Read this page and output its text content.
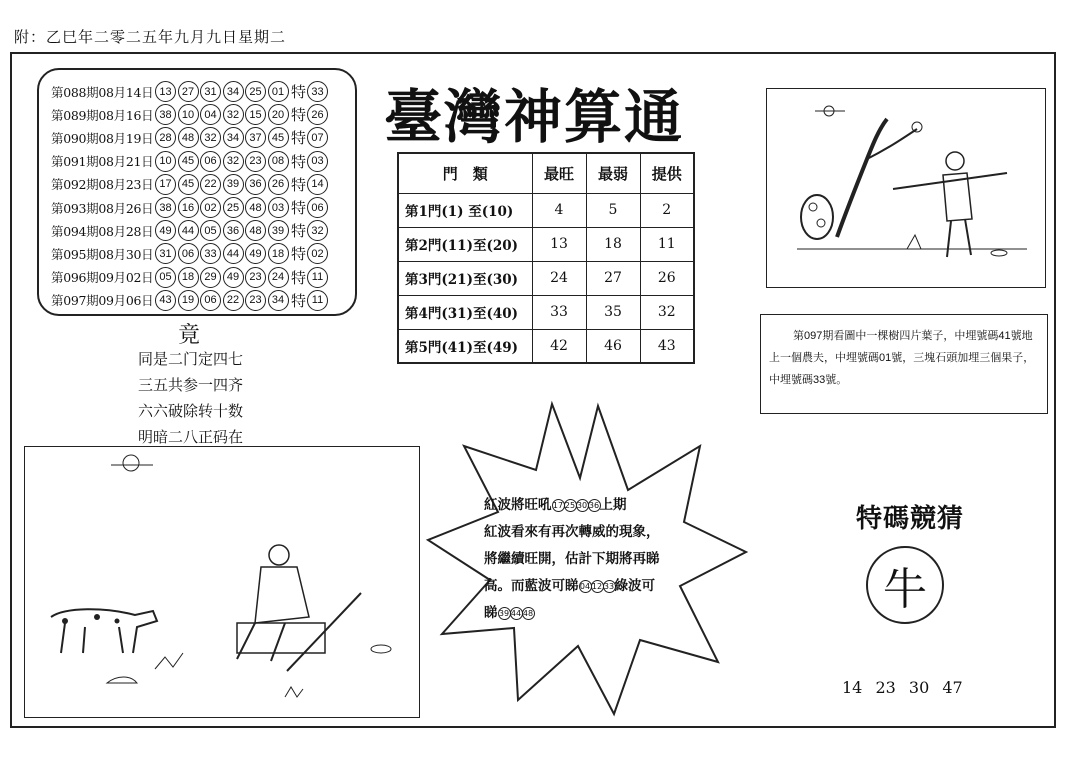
附：乙巳年二零二五年九月九日星期二
第088期08月14日 13 27 31 34 25 01 特 33
第089期08月16日 38 10 04 32 15 20 特 26
第090期08月19日 28 48 32 34 37 45 特 07
第091期08月21日 10 45 06 32 23 08 特 03
第092期08月23日 17 45 22 39 36 26 特 14
第093期08月26日 38 16 02 25 48 03 特 06
第094期08月28日 49 44 05 36 48 39 特 32
第095期08月30日 31 06 33 44 49 18 特 02
第096期09月02日 05 18 29 49 23 24 特 11
第097期09月06日 43 19 06 22 23 34 特 11
竟
同是二门定四七
三五共参一四齐
六六破除转十数
明暗二八正码在
臺灣神算通
門　類	最旺	最弱	提供
第1門(1) 至(10)	4	5	2
第2門(11)至(20)	13	18	11
第3門(21)至(30)	24	27	26
第4門(31)至(40)	33	35	32
第5門(41)至(49)	42	46	43
第097期看圖中一棵樹四片葉子，中埋號碼41號地上一個農夫，中埋號碼01號，三塊石頭加埋三個果子，中埋號碼33號。
紅波將旺吼17 25 30 36上期
紅波看來有再次轉威的現象，
將繼續旺開，估計下期將再睇
高。而藍波可睇04 12 33綠波可
睇39 44 48
特碼競猜
牛
14 23 30 47
